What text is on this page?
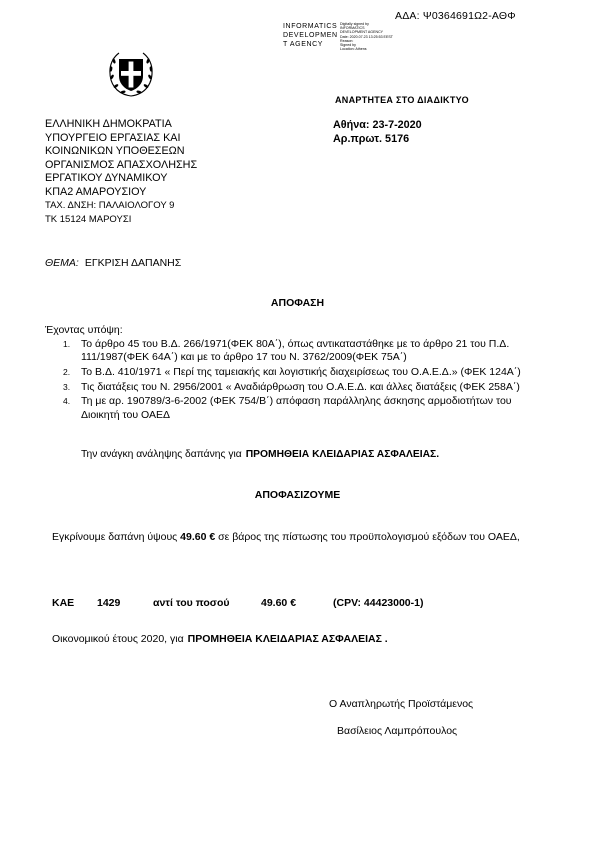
ΑΔΑ: Ψ0364691Ω2-ΑΘΦ
INFORMATICS
DEVELOPMEN
T AGENCY
Digitally signed by
INFORMATICS
DEVELOPMENT AGENCY
Date: 2020.07.23 13:25:53 EEST
Reason:
Signed by
Location: Athens
ΑΝΑΡΤΗΤΕΑ ΣΤΟ ΔΙΑΔΙΚΤΥΟ
ΕΛΛΗΝΙΚΗ ΔΗΜΟΚΡΑΤΙΑ
ΥΠΟΥΡΓΕΙΟ ΕΡΓΑΣΙΑΣ ΚΑΙ
ΚΟΙΝΩΝΙΚΩΝ ΥΠΟΘΕΣΕΩΝ
ΟΡΓΑΝΙΣΜΟΣ ΑΠΑΣΧΟΛΗΣΗΣ
ΕΡΓΑΤΙΚΟΥ ΔΥΝΑΜΙΚΟΥ
ΚΠΑ2 ΑΜΑΡΟΥΣΙΟΥ
ΤΑΧ. ΔΝΣΗ: ΠΑΛΑΙΟΛΟΓΟΥ 9
ΤΚ 15124 ΜΑΡΟΥΣΙ
Αθήνα: 23-7-2020
Αρ.πρωτ. 5176
ΘΕΜΑ: ΕΓΚΡΙΣΗ ΔΑΠΑΝΗΣ
ΑΠΟΦΑΣΗ
Έχοντας υπόψη:
1. Το άρθρο 45 του Β.Δ. 266/1971(ΦΕΚ 80Α΄), όπως αντικαταστάθηκε με το άρθρο 21 του Π.Δ. 111/1987(ΦΕΚ 64Α΄) και με το άρθρο 17 του Ν. 3762/2009(ΦΕΚ 75Α΄)
2. Το Β.Δ. 410/1971 « Περί της ταμειακής και λογιστικής διαχειρίσεως του Ο.Α.Ε.Δ.» (ΦΕΚ 124Α΄)
3. Τις διατάξεις του Ν. 2956/2001 « Αναδιάρθρωση του Ο.Α.Ε.Δ. και άλλες διατάξεις (ΦΕΚ 258Α΄)
4. Τη με αρ. 190789/3-6-2002 (ΦΕΚ 754/Β΄) απόφαση παράλληλης άσκησης αρμοδιοτήτων του Διοικητή του ΟΑΕΔ
Την ανάγκη ανάληψης δαπάνης για ΠΡΟΜΗΘΕΙΑ ΚΛΕΙΔΑΡΙΑΣ ΑΣΦΑΛΕΙΑΣ.
ΑΠΟΦΑΣΙΖΟΥΜΕ
Εγκρίνουμε δαπάνη ύψους 49.60 € σε βάρος της πίστωσης του προϋπολογισμού εξόδων του ΟΑΕΔ,
ΚΑΕ 1429	αντί του ποσού	49.60 €	(CPV: 44423000-1)
Οικονομικού έτους 2020, για ΠΡΟΜΗΘΕΙΑ ΚΛΕΙΔΑΡΙΑΣ ΑΣΦΑΛΕΙΑΣ .
Ο Αναπληρωτής Προϊστάμενος
Βασίλειος Λαμπρόπουλος
